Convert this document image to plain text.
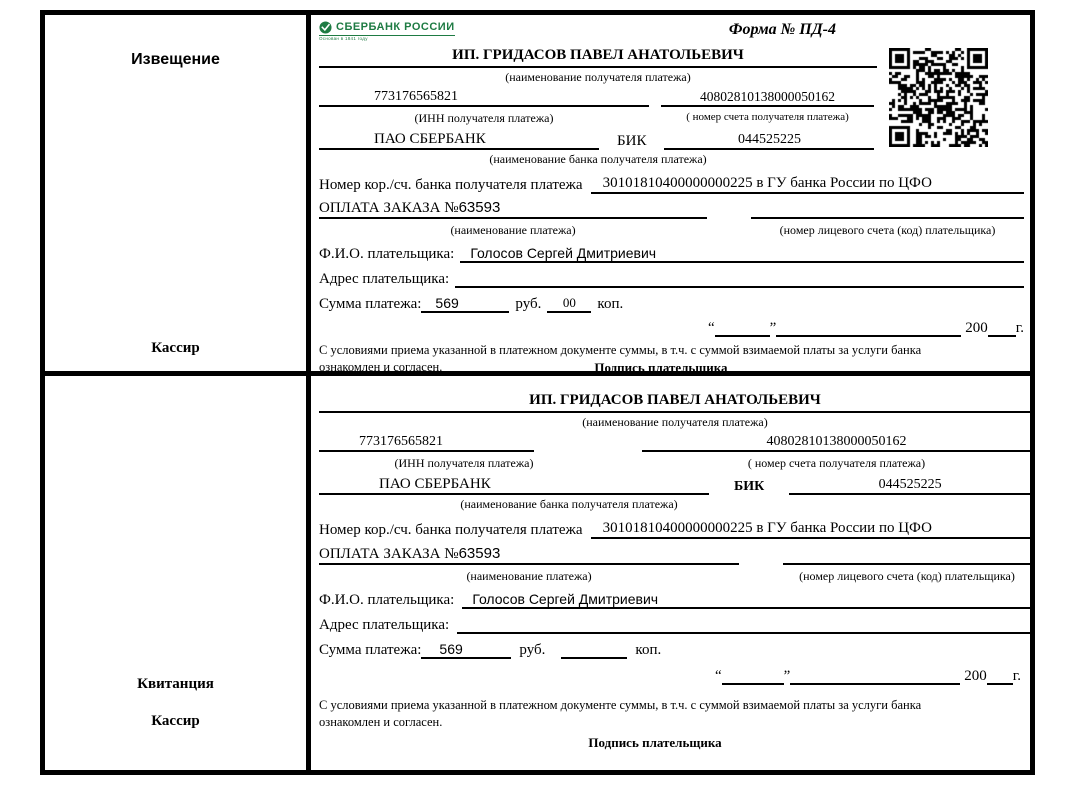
Извещение
Кассир
СБЕРБАНК РОССИИ
Основан в 1841 году
Форма № ПД-4
ИП. ГРИДАСОВ ПАВЕЛ АНАТОЛЬЕВИЧ
(наименование получателя платежа)
773176565821	40802810138000050162
(ИНН получателя платежа)	( номер счета получателя платежа)
ПАО СБЕРБАНК	БИК	044525225
(наименование банка получателя платежа)
Номер кор./сч. банка получателя платежа	30101810400000000225 в ГУ банка России по ЦФО
ОПЛАТА ЗАКАЗА №63593
(наименование платежа)	(номер лицевого счета (код) плательщика)
Ф.И.О. плательщика:	Голосов Сергей Дмитриевич
Адрес плательщика:
Сумма платежа:	569	руб.	00	коп.
“	”	200 г.
С условиями приема указанной в платежном документе суммы, в т.ч. с суммой взимаемой платы за услуги банка
ознакомлен и согласен.	Подпись плательщика
Квитанция
Кассир
ИП. ГРИДАСОВ ПАВЕЛ АНАТОЛЬЕВИЧ
(наименование получателя платежа)
773176565821	40802810138000050162
(ИНН получателя платежа)	( номер счета получателя платежа)
ПАО СБЕРБАНК	БИК	044525225
(наименование банка получателя платежа)
Номер кор./сч. банка получателя платежа	30101810400000000225 в ГУ банка России по ЦФО
ОПЛАТА ЗАКАЗА №63593
(наименование платежа)	(номер лицевого счета (код) плательщика)
Ф.И.О. плательщика:	Голосов Сергей Дмитриевич
Адрес плательщика:
Сумма платежа:	569	руб.	коп.
“	”	200 г.
С условиями приема указанной в платежном документе суммы, в т.ч. с суммой взимаемой платы за услуги банка
ознакомлен и согласен.
Подпись плательщика
